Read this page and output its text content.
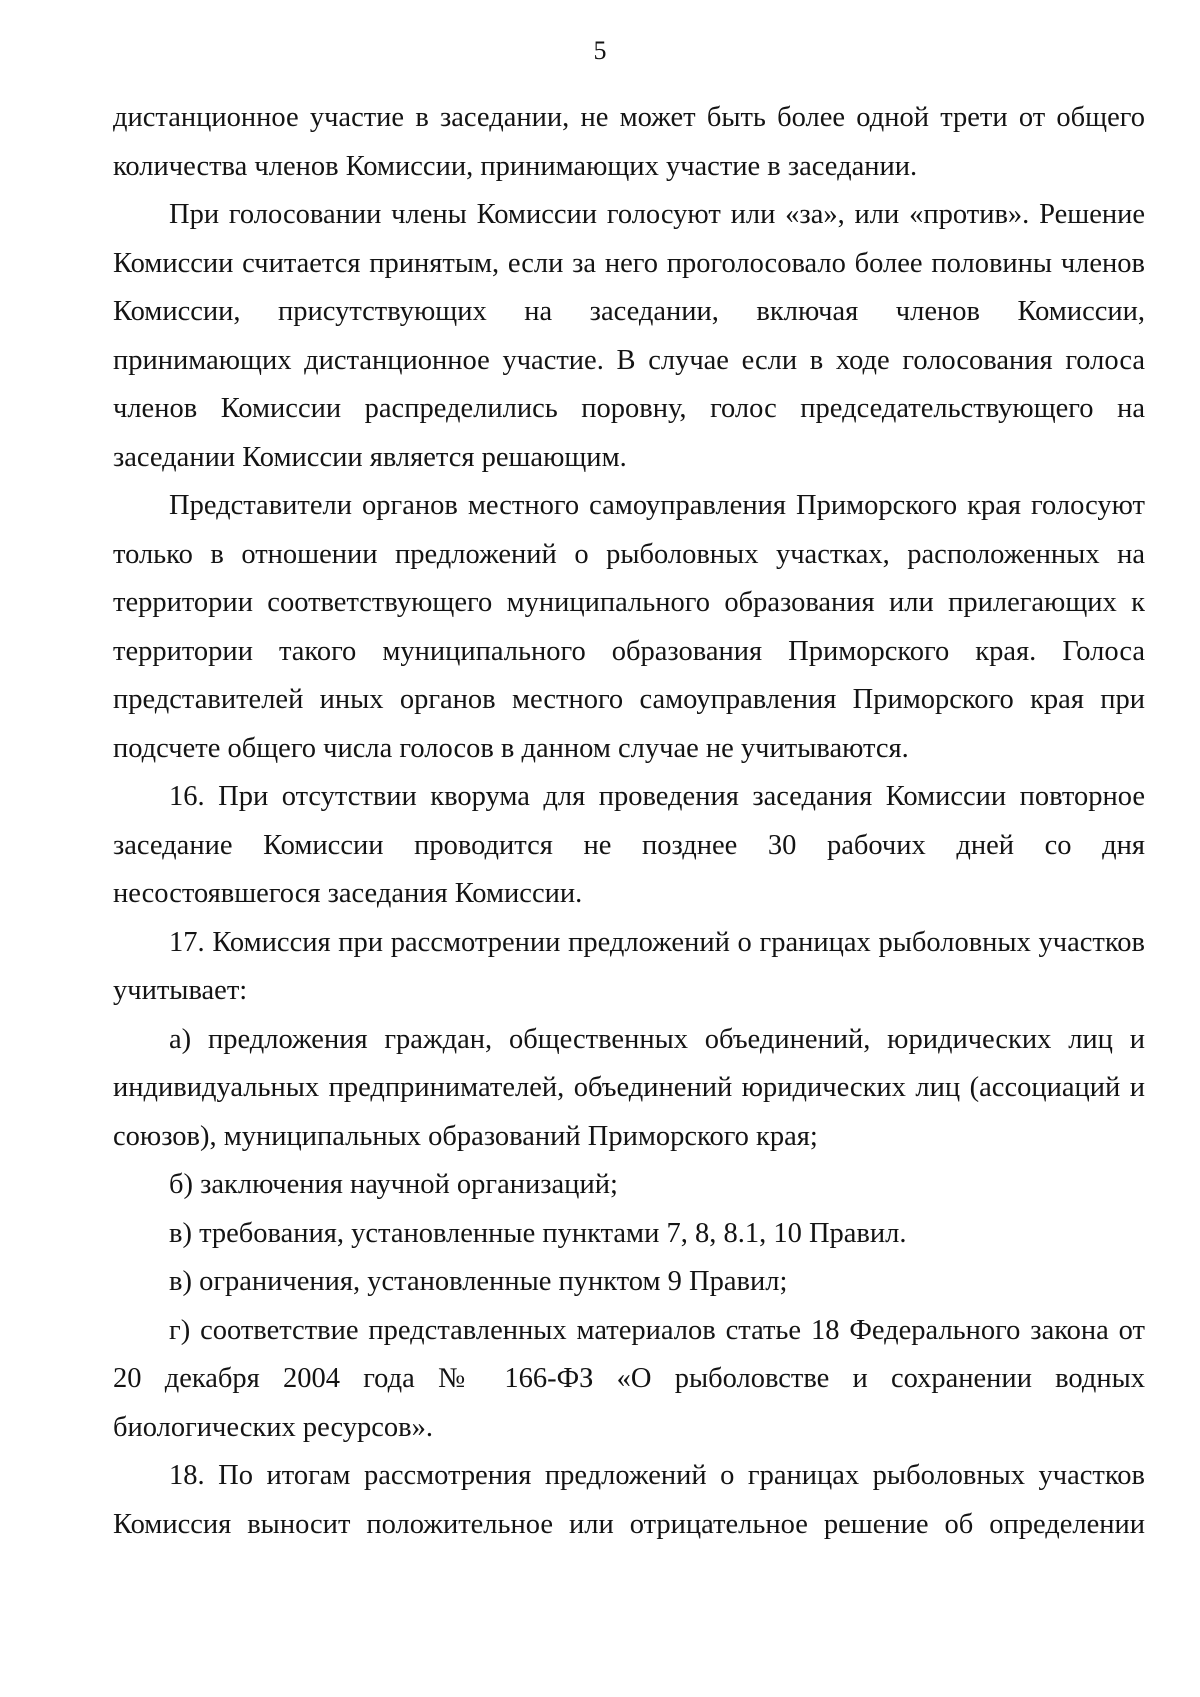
5

дистанционное участие в заседании, не может быть более одной трети от общего количества членов Комиссии, принимающих участие в заседании.

При голосовании члены Комиссии голосуют или «за», или «против». Решение Комиссии считается принятым, если за него проголосовало более половины членов Комиссии, присутствующих на заседании, включая членов Комиссии, принимающих дистанционное участие. В случае если в ходе голосования голоса членов Комиссии распределились поровну, голос председательствующего на заседании Комиссии является решающим.

Представители органов местного самоуправления Приморского края голосуют только в отношении предложений о рыболовных участках, расположенных на территории соответствующего муниципального образования или прилегающих к территории такого муниципального образования Приморского края. Голоса представителей иных органов местного самоуправления Приморского края при подсчете общего числа голосов в данном случае не учитываются.

16. При отсутствии кворума для проведения заседания Комиссии повторное заседание Комиссии проводится не позднее 30 рабочих дней со дня несостоявшегося заседания Комиссии.

17. Комиссия при рассмотрении предложений о границах рыболовных участков учитывает:

а) предложения граждан, общественных объединений, юридических лиц и индивидуальных предпринимателей, объединений юридических лиц (ассоциаций и союзов), муниципальных образований Приморского края;

б) заключения научной организаций;

в) требования, установленные пунктами 7, 8, 8.1, 10 Правил.

в) ограничения, установленные пунктом 9 Правил;

г) соответствие представленных материалов статье 18 Федерального закона от 20 декабря 2004 года № 166-ФЗ «О рыболовстве и сохранении водных биологических ресурсов».

18. По итогам рассмотрения предложений о границах рыболовных участков Комиссия выносит положительное или отрицательное решение об определении
